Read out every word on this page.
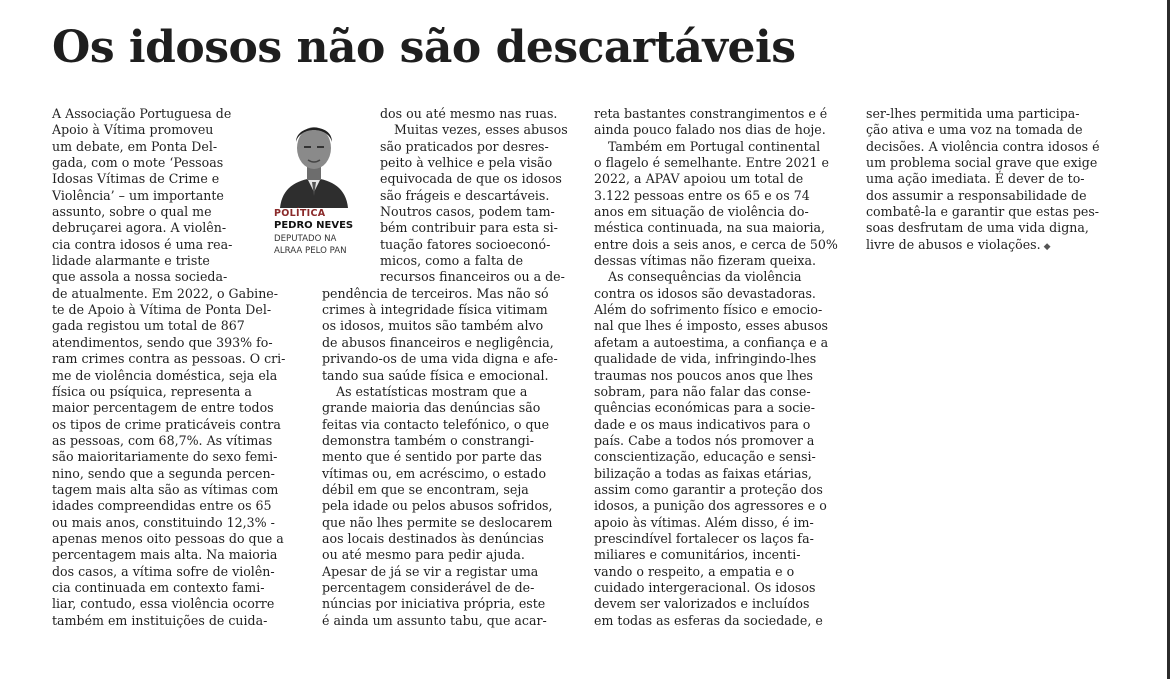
Os idosos não são descartáveis
POLÍTICA
PEDRO NEVES
DEPUTADO NA
ALRAA PELO PAN
A Associação Portuguesa de
Apoio à Vítima promoveu
um debate, em Ponta Del-
gada, com o mote ‘Pessoas
Idosas Vítimas de Crime e
Violência’ – um importante
assunto, sobre o qual me
debruçarei agora. A violên-
cia contra idosos é uma rea-
lidade alarmante e triste
que assola a nossa socieda-
de atualmente. Em 2022, o Gabine-
te de Apoio à Vítima de Ponta Del-
gada registou um total de 867
atendimentos, sendo que 393% fo-
ram crimes contra as pessoas. O cri-
me de violência doméstica, seja ela
física ou psíquica, representa a
maior percentagem de entre todos
os tipos de crime praticáveis contra
as pessoas, com 68,7%. As vítimas
são maioritariamente do sexo femi-
nino, sendo que a segunda percen-
tagem mais alta são as vítimas com
idades compreendidas entre os 65
ou mais anos, constituindo 12,3% -
apenas menos oito pessoas do que a
percentagem mais alta. Na maioria
dos casos, a vítima sofre de violên-
cia continuada em contexto fami-
liar, contudo, essa violência ocorre
também em instituições de cuida-
dos ou até mesmo nas ruas.
Muitas vezes, esses abusos
são praticados por desres-
peito à velhice e pela visão
equivocada de que os idosos
são frágeis e descartáveis.
Noutros casos, podem tam-
bém contribuir para esta si-
tuação fatores socioeconó-
micos, como a falta de
recursos financeiros ou a de-
pendência de terceiros. Mas não só
crimes à integridade física vitimam
os idosos, muitos são também alvo
de abusos financeiros e negligência,
privando-os de uma vida digna e afe-
tando sua saúde física e emocional.
As estatísticas mostram que a
grande maioria das denúncias são
feitas via contacto telefónico, o que
demonstra também o constrangi-
mento que é sentido por parte das
vítimas ou, em acréscimo, o estado
débil em que se encontram, seja
pela idade ou pelos abusos sofridos,
que não lhes permite se deslocarem
aos locais destinados às denúncias
ou até mesmo para pedir ajuda.
Apesar de já se vir a registar uma
percentagem considerável de de-
núncias por iniciativa própria, este
é ainda um assunto tabu, que acar-
reta bastantes constrangimentos e é
ainda pouco falado nos dias de hoje.
Também em Portugal continental
o flagelo é semelhante. Entre 2021 e
2022, a APAV apoiou um total de
3.122 pessoas entre os 65 e os 74
anos em situação de violência do-
méstica continuada, na sua maioria,
entre dois a seis anos, e cerca de 50%
dessas vítimas não fizeram queixa.
As consequências da violência
contra os idosos são devastadoras.
Além do sofrimento físico e emocio-
nal que lhes é imposto, esses abusos
afetam a autoestima, a confiança e a
qualidade de vida, infringindo-lhes
traumas nos poucos anos que lhes
sobram, para não falar das conse-
quências económicas para a socie-
dade e os maus indicativos para o
país. Cabe a todos nós promover a
conscientização, educação e sensi-
bilização a todas as faixas etárias,
assim como garantir a proteção dos
idosos, a punição dos agressores e o
apoio às vítimas. Além disso, é im-
prescindível fortalecer os laços fa-
miliares e comunitários, incenti-
vando o respeito, a empatia e o
cuidado intergeracional. Os idosos
devem ser valorizados e incluídos
em todas as esferas da sociedade, e
ser-lhes permitida uma participa-
ção ativa e uma voz na tomada de
decisões. A violência contra idosos é
um problema social grave que exige
uma ação imediata. É dever de to-
dos assumir a responsabilidade de
combatê-la e garantir que estas pes-
soas desfrutam de uma vida digna,
livre de abusos e violações. ◆
